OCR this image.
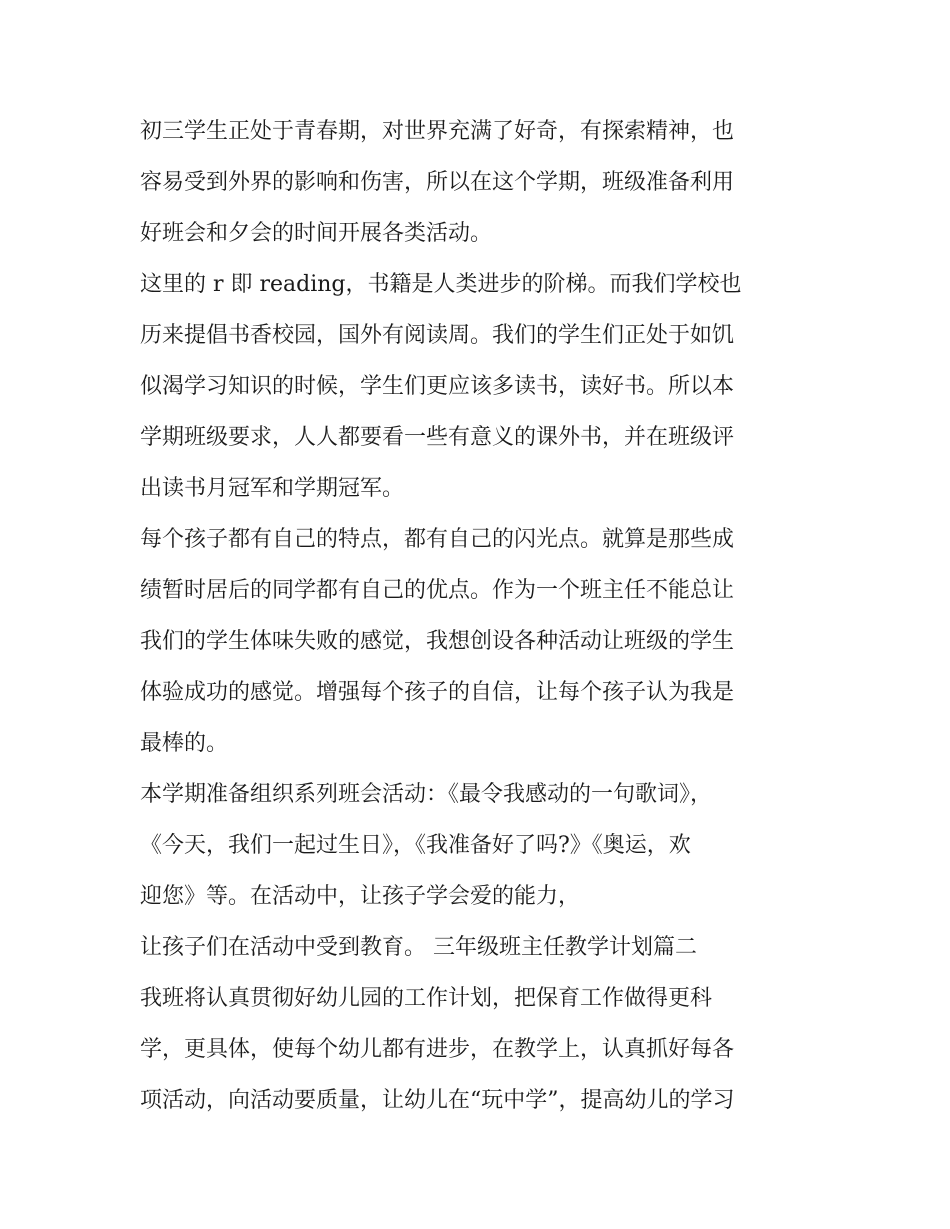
初三学生正处于青春期，对世界充满了好奇，有探索精神，也
容易受到外界的影响和伤害，所以在这个学期，班级准备利用
好班会和夕会的时间开展各类活动。
这里的 r 即 reading，书籍是人类进步的阶梯。而我们学校也
历来提倡书香校园，国外有阅读周。我们的学生们正处于如饥
似渴学习知识的时候，学生们更应该多读书，读好书。所以本
学期班级要求，人人都要看一些有意义的课外书，并在班级评
出读书月冠军和学期冠军。
每个孩子都有自己的特点，都有自己的闪光点。就算是那些成
绩暂时居后的同学都有自己的优点。作为一个班主任不能总让
我们的学生体味失败的感觉，我想创设各种活动让班级的学生
体验成功的感觉。增强每个孩子的自信，让每个孩子认为我是
最棒的。
本学期准备组织系列班会活动：《最令我感动的一句歌词》，
《今天，我们一起过生日》，《我准备好了吗?》《奥运，欢
迎您》等。在活动中，让孩子学会爱的能力，
让孩子们在活动中受到教育。 三年级班主任教学计划篇二
我班将认真贯彻好幼儿园的工作计划，把保育工作做得更科
学，更具体，使每个幼儿都有进步，在教学上，认真抓好每各
项活动，向活动要质量，让幼儿在“玩中学”，提高幼儿的学习
